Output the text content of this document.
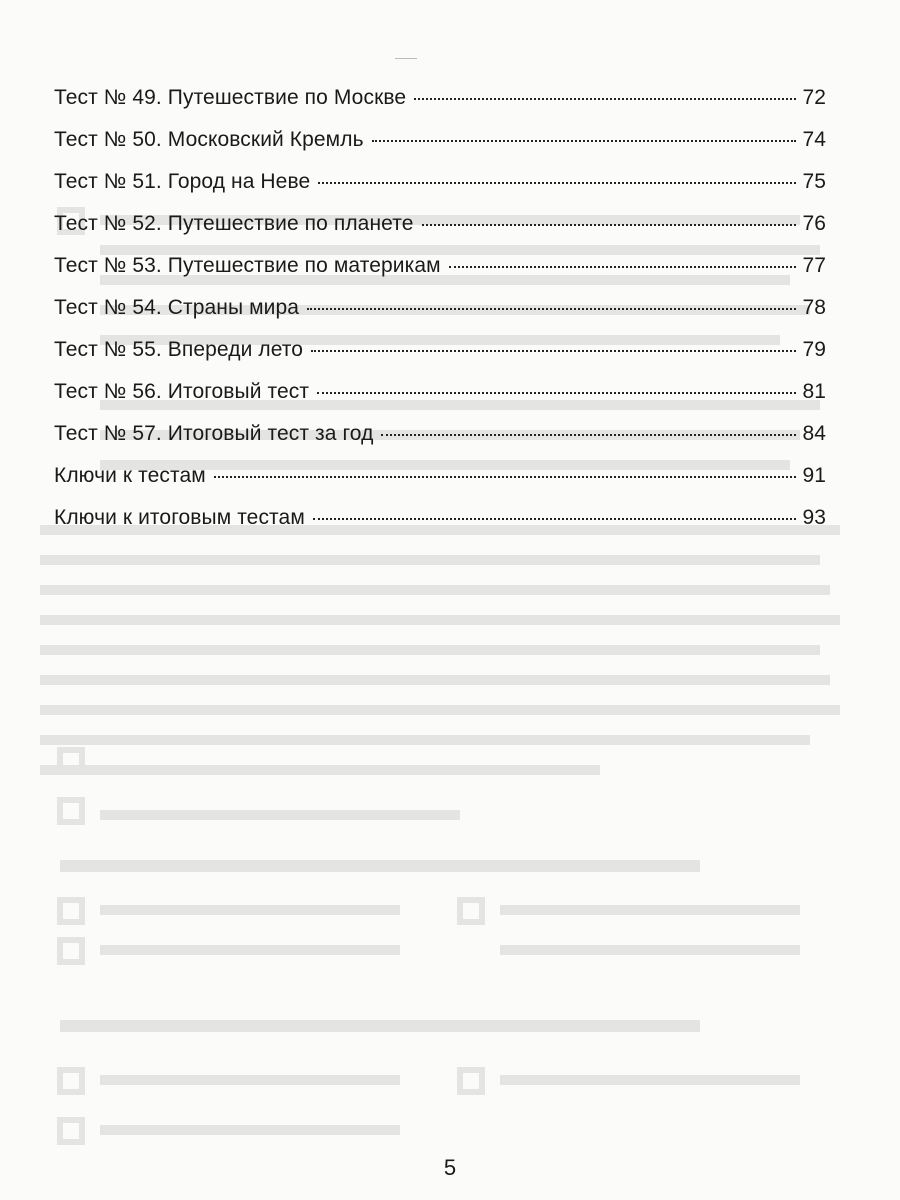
Тест № 49. Путешествие по Москве	72
Тест № 50. Московский Кремль	74
Тест № 51. Город на Неве	75
Тест № 52. Путешествие по планете	76
Тест № 53. Путешествие по материкам	77
Тест № 54. Страны мира	78
Тест № 55. Впереди лето	79
Тест № 56. Итоговый тест	81
Тест № 57. Итоговый тест за год	84
Ключи к тестам	91
Ключи к итоговым тестам	93
5
